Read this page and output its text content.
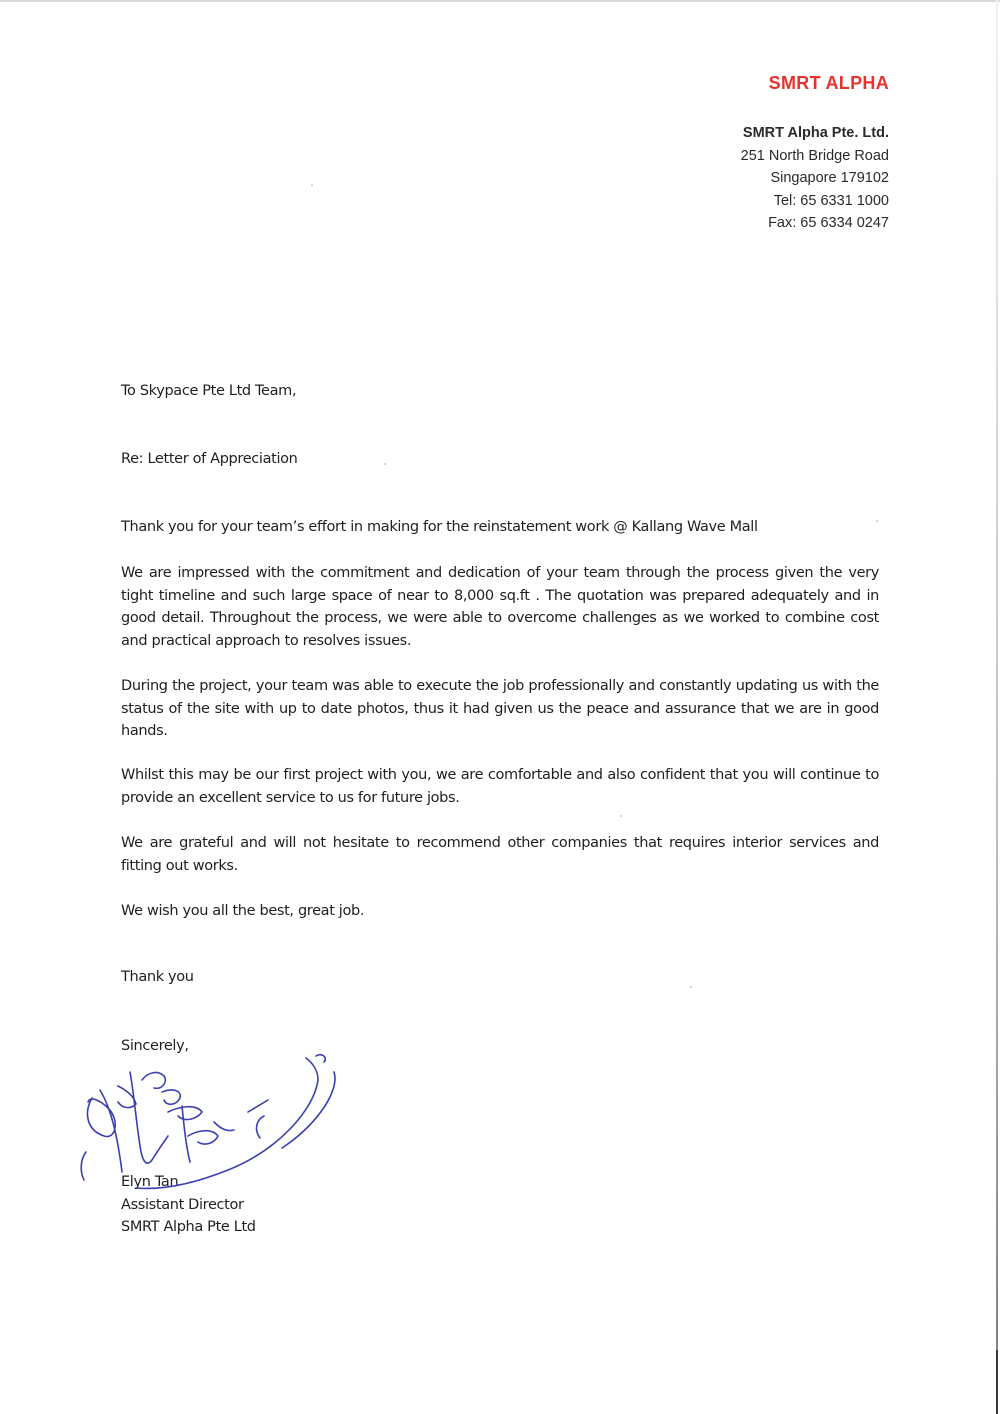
SMRT ALPHA
SMRT Alpha Pte. Ltd.
251 North Bridge Road
Singapore 179102
Tel: 65 6331 1000
Fax: 65 6334 0247

To Skypace Pte Ltd Team,

Re: Letter of Appreciation

Thank you for your team’s effort in making for the reinstatement work @ Kallang Wave Mall

We are impressed with the commitment and dedication of your team through the process given the very tight timeline and such large space of near to 8,000 sq.ft . The quotation was prepared adequately and in good detail. Throughout the process, we were able to overcome challenges as we worked to combine cost and practical approach to resolves issues.

During the project, your team was able to execute the job professionally and constantly updating us with the status of the site with up to date photos, thus it had given us the peace and assurance that we are in good hands.

Whilst this may be our first project with you, we are comfortable and also confident that you will continue to provide an excellent service to us for future jobs.

We are grateful and will not hesitate to recommend other companies that requires interior services and fitting out works.

We wish you all the best, great job.

Thank you

Sincerely,

Elyn Tan

Assistant Director

SMRT Alpha Pte Ltd
